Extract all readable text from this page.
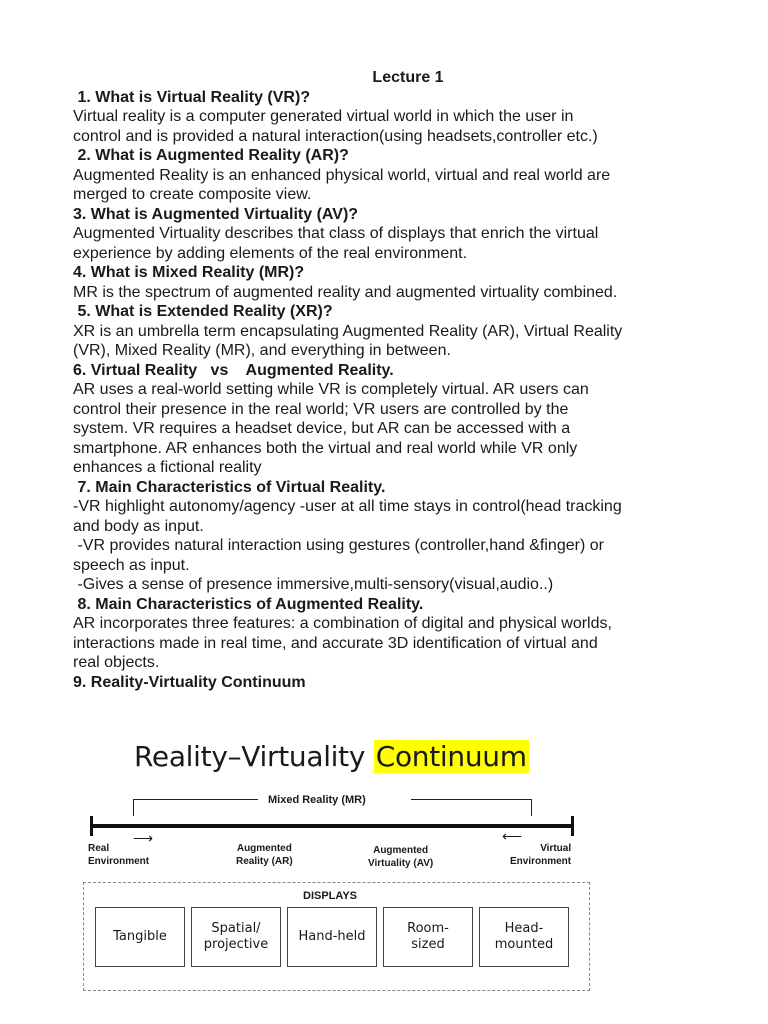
Lecture 1

1. What is Virtual Reality (VR)?

Virtual reality is a computer generated virtual world in which the user in

control and is provided a natural interaction(using headsets,controller etc.)

2. What is Augmented Reality (AR)?

Augmented Reality is an enhanced physical world, virtual and real world are

merged to create composite view.

3. What is Augmented Virtuality (AV)?

Augmented Virtuality describes that class of displays that enrich the virtual

experience by adding elements of the real environment.

4. What is Mixed Reality (MR)?

MR is the spectrum of augmented reality and augmented virtuality combined.

5. What is Extended Reality (XR)?

XR is an umbrella term encapsulating Augmented Reality (AR), Virtual Reality

(VR), Mixed Reality (MR), and everything in between.

6. Virtual Reality   vs    Augmented Reality.

AR uses a real-world setting while VR is completely virtual. AR users can

control their presence in the real world; VR users are controlled by the

system. VR requires a headset device, but AR can be accessed with a

smartphone. AR enhances both the virtual and real world while VR only

enhances a fictional reality

7. Main Characteristics of Virtual Reality.

-VR highlight autonomy/agency -user at all time stays in control(head tracking

and body as input.

-VR provides natural interaction using gestures (controller,hand &finger) or

speech as input.

-Gives a sense of presence immersive,multi-sensory(visual,audio..)

8. Main Characteristics of Augmented Reality.

AR incorporates three features: a combination of digital and physical worlds,

interactions made in real time, and accurate 3D identification of virtual and

real objects.

9. Reality-Virtuality Continuum

Reality–Virtuality Continuum
Mixed Reality (MR)
⟶	⟵
Real
Environment
Augmented
Reality (AR)
Augmented
Virtuality (AV)
Virtual
Environment
DISPLAYS
Tangible
Spatial/
projective
Hand-held
Room-
sized
Head-
mounted
